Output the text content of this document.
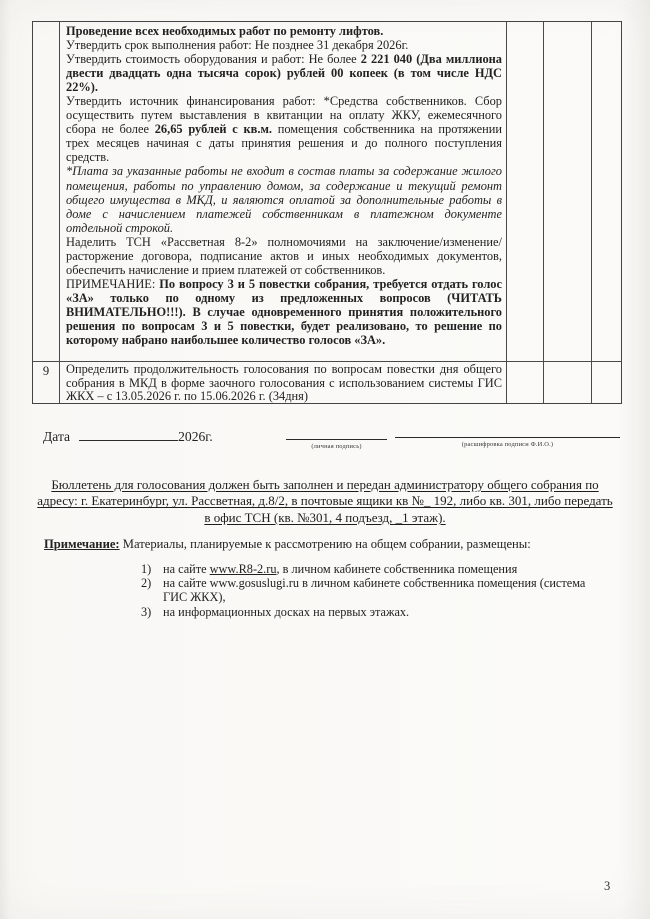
Проведение всех необходимых работ по ремонту лифтов.

Утвердить срок выполнения работ: Не позднее 31 декабря 2026г.

Утвердить стоимость оборудования и работ: Не более 2 221 040 (Два миллиона двести двадцать одна тысяча сорок) рублей 00 копеек (в том числе НДС 22%).

Утвердить источник финансирования работ: *Средства собственников. Сбор осуществить путем выставления в квитанции на оплату ЖКУ, ежемесячного сбора не более 26,65 рублей с кв.м. помещения собственника на протяжении трех месяцев начиная с даты принятия решения и до полного поступления средств.

*Плата за указанные работы не входит в состав платы за содержание жилого помещения, работы по управлению домом, за содержание и текущий ремонт общего имущества в МКД, и являются оплатой за дополнительные работы в доме с начислением платежей собственникам в платежном документе отдельной строкой.

Наделить ТСН «Рассветная 8-2» полномочиями на заключение/изменение/расторжение договора, подписание актов и иных необходимых документов, обеспечить начисление и прием платежей от собственников.

ПРИМЕЧАНИЕ: По вопросу 3 и 5 повестки собрания, требуется отдать голос «ЗА» только по одному из предложенных вопросов (ЧИТАТЬ ВНИМАТЕЛЬНО!!!). В случае одновременного принятия положительного решения по вопросам 3 и 5 повестки, будет реализовано, то решение по которому набрано наибольшее количество голосов «ЗА».

9	Определить продолжительность голосования по вопросам повестки дня общего собрания в МКД в форме заочного голосования с использованием системы ГИС ЖКХ – с 13.05.2026 г. по 15.06.2026 г. (34дня)
Дата	2026г.
(личная подпись)	(расшифровка подписи Ф.И.О.)
Бюллетень для голосования должен быть заполнен и передан администратору общего собрания по адресу: г. Екатеринбург, ул. Рассветная, д.8/2, в почтовые ящики кв №_ 192, либо кв. 301, либо передать в офис ТСН (кв. №301, 4 подъезд, _1 этаж).
Примечание: Материалы, планируемые к рассмотрению на общем собрании, размещены:
1) на сайте www.R8-2.ru, в личном кабинете собственника помещения
2) на сайте www.gosuslugi.ru в личном кабинете собственника помещения (система ГИС ЖКХ),
3) на информационных досках на первых этажах.
3
